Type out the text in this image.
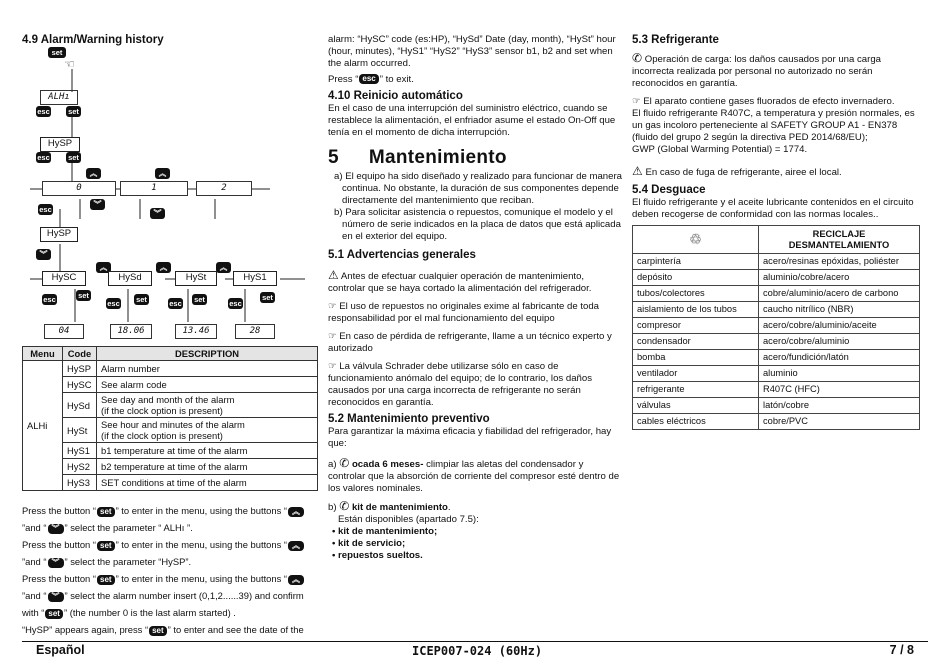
4.9 Alarm/Warning history
set
☜
ALHı
esc set
HySP
esc set
︽
︽
0	1	2
esc
︾
︾
HySP
︾
︽
︽
︽
HySC	HySd	HySt	HyS1
esc	set
esc set	esc set	esc
set
04	18.06	13.46	28
Menu	Code	DESCRIPTION
ALHi	HySP	Alarm number
	HySC	See alarm code
	HySd	See day and month of the alarm
(if the clock option is present)

	HySt	See hour and minutes of the alarm
(if the clock option is present)

	HyS1	b1 temperature at time of the alarm
	HyS2	b2 temperature at time of the alarm
	HyS3	SET conditions at time of the alarm
Press the button “ set ” to enter in the menu, using the buttons “ ︽
”and “ ︾ ” select the parameter “ ALHı ”.
Press the button “ set ” to enter in the menu, using the buttons “ ︽
”and “ ︾ ” select the parameter “HySP”.
Press the button “ set ” to enter in the menu, using the buttons “ ︽
”and “ ︾ ” select the alarm number insert (0,1,2......39) and confirm
with “ set ” (the number 0 is the last alarm started) .
“HySP” appears again, press “ set ” to enter and see the date of the

alarm: “HySC” code (es:HP), “HySd” Date (day, month), “HySt” hour (hour, minutes), “HyS1” “HyS2” “HyS3” sensor b1, b2 and set when the alarm occurred.

Press “ esc ” to exit.

4.10 Reinicio automático

En el caso de una interrupción del suministro eléctrico, cuando se restablece la alimentación, el enfriador asume el estado On-Off que tenía en el momento de dicha interrupción.

5 Mantenimiento

a) El equipo ha sido diseñado y realizado para funcionar de manera continua. No obstante, la duración de sus componentes depende directamente del mantenimiento que reciban.

b) Para solicitar asistencia o repuestos, comunique el modelo y el número de serie indicados en la placa de datos que está aplicada en el exterior del equipo.

5.1 Advertencias generales

⚠ Antes de efectuar cualquier operación de mantenimiento, controlar que se haya cortado la alimentación del refrigerador.

☞ El uso de repuestos no originales exime al fabricante de toda responsabilidad por el mal funcionamiento del equipo

☞ En caso de pérdida de refrigerante, llame a un técnico experto y autorizado

☞ La válvula Schrader debe utilizarse sólo en caso de funcionamiento anómalo del equipo; de lo contrario, los daños causados por una carga incorrecta de refrigerante no serán reconocidos en garantía.

5.2 Mantenimiento preventivo

Para garantizar la máxima eficacia y fiabilidad del refrigerador, hay que:

a) ✆ ocada 6 meses- climpiar las aletas del condensador y controlar que la absorción de corriente del compresor esté dentro de los valores nominales.

b) ✆ kit de mantenimiento.

Están disponibles (apartado 7.5):

• kit de mantenimiento;
• kit de servicio;
• repuestos sueltos.
5.3 Refrigerante

✆ Operación de carga: los daños causados por una carga incorrecta realizada por personal no autorizado no serán reconocidos en garantía.

☞ El aparato contiene gases fluorados de efecto invernadero.

El fluido refrigerante R407C, a temperatura y presión normales, es un gas incoloro perteneciente al SAFETY GROUP A1 - EN378 (fluido del grupo 2 según la directiva PED 2014/68/EU);

GWP (Global Warming Potential) = 1774.

⚠ En caso de fuga de refrigerante, airee el local.

5.4 Desguace

El fluido refrigerante y el aceite lubricante contenidos en el circuito deben recogerse de conformidad con las normas locales..

♲	RECICLAJE DESMANTELAMIENTO
carpintería	acero/resinas epóxidas, poliéster
depósito	aluminio/cobre/acero
tubos/colectores	cobre/aluminio/acero de carbono
aislamiento de los tubos	caucho nitrílico (NBR)
compresor	acero/cobre/aluminio/aceite
condensador	acero/cobre/aluminio
bomba	acero/fundición/latón
ventilador	aluminio
refrigerante	R407C (HFC)
válvulas	latón/cobre
cables eléctricos	cobre/PVC
Español	ICEP007-024 (60Hz)	7 / 8
